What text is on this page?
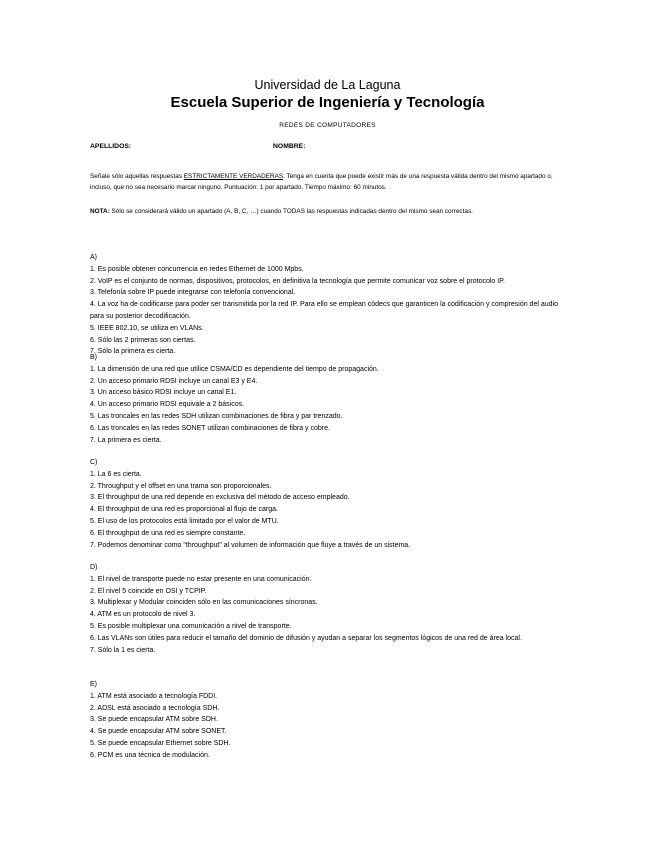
Universidad de La Laguna
Escuela Superior de Ingeniería y Tecnología
REDES DE COMPUTADORES
APELLIDOS:	NOMBRE:
Señale sólo aquellas respuestas ESTRICTAMENTE VERDADERAS. Tenga en cuenta que puede existir más de una respuesta válida dentro del mismo apartado o, incluso, que no sea necesario marcar ninguno. Puntuación: 1 por apartado. Tiempo máximo: 60 minutos.
NOTA: Sólo se considerará válido un apartado (A, B, C, …) cuando TODAS las respuestas indicadas dentro del mismo sean correctas.
A)
1. Es posible obtener concurrencia en redes Ethernet de 1000 Mpbs.
2. VoIP es el conjunto de normas, dispositivos, protocolos, en definitiva la tecnología que permite comunicar voz sobre el protocolo IP.
3. Telefonía sobre IP puede integrarse con telefonía convencional.
4. La voz ha de codificarse para poder ser transmitida por la red IP. Para ello se emplean códecs que garanticen la codificación y compresión del audio para su posterior decodificación.
5. IEEE 802.10, se utiliza en VLANs.
6. Sólo las 2 primeras son ciertas.
7. Sólo la primera es cierta.
B)
1. La dimensión de una red que utilice CSMA/CD es dependiente del tiempo de propagación.
2. Un acceso primario RDSI incluye un canal E3 y E4.
3. Un acceso básico RDSI incluye un canal E1.
4. Un acceso primario RDSI equivale a 2 básicos.
5. Las troncales en las redes SDH utilizan combinaciones de fibra y par trenzado.
6. Las troncales en las redes SONET utilizan combinaciones de fibra y cobre.
7. La primera es cierta.
C)
1. La 6 es cierta.
2. Throughput y el offset en una trama son proporcionales.
3. El throughput de una red depende en exclusiva del método de acceso empleado.
4. El throughput de una red es proporcional al flujo de carga.
5. El uso de los protocolos está limitado por el valor de MTU.
6. El throughput de una red es siempre constante.
7. Podemos denominar como "throughput" al volumen de información que fluye a través de un sistema.
D)
1. El nivel de transporte puede no estar presente en una comunicación.
2. El nivel 5 coincide en OSI y TCPIP.
3. Multiplexar y Modular coinciden sólo en las comunicaciones síncronas.
4. ATM es un protocolo de nivel 3.
5. Es posible multiplexar una comunicación a nivel de transporte.
6. Las VLANs son útiles para reducir el tamaño del dominio de difusión y ayudan a separar los segmentos lógicos de una red de área local.
7. Sólo la 1 es cierta.
E)
1. ATM está asociado a tecnología FDDI.
2. ADSL está asociado a tecnología SDH.
3. Se puede encapsular ATM sobre SDH.
4. Se puede encapsular ATM sobre SONET.
5. Se puede encapsular Ethernet sobre SDH.
6. PCM es una técnica de modulación.
